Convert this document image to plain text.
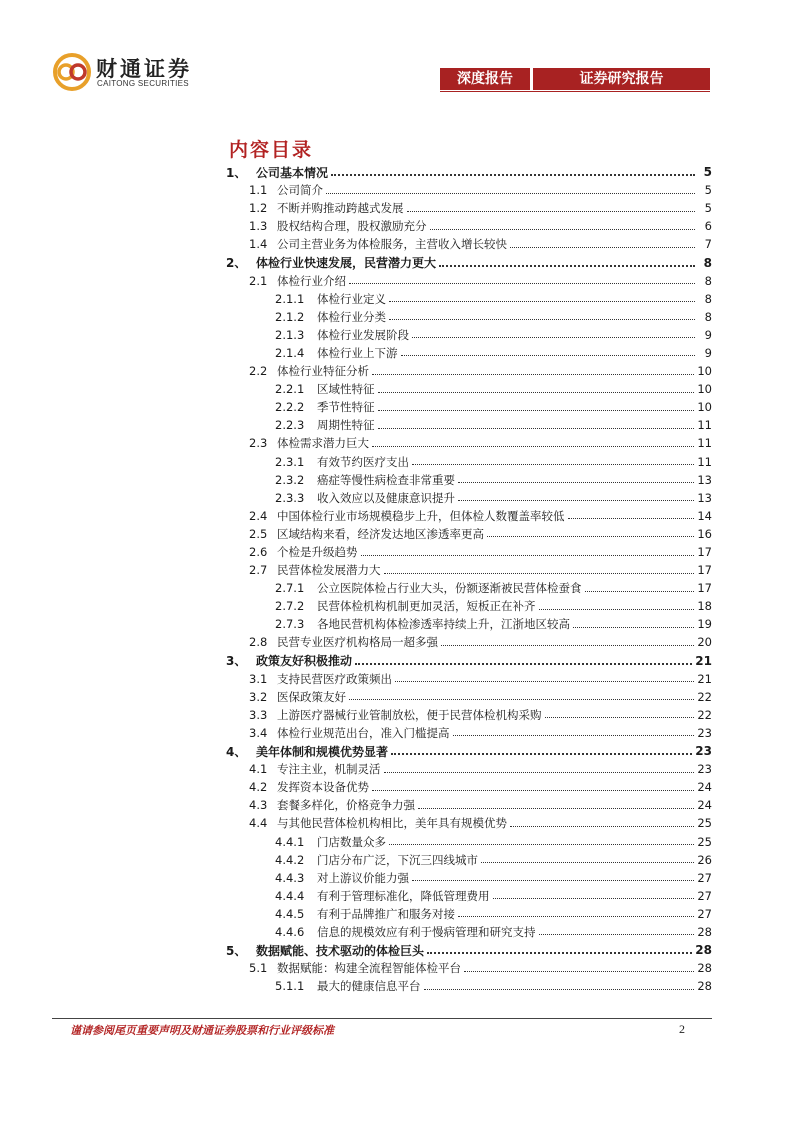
财通证券
CAITONG SECURITIES	深度报告	证券研究报告
内容目录
1、 公司基本情况	5
1.1 公司简介	5
1.2 不断并购推动跨越式发展	5
1.3 股权结构合理，股权激励充分	6
1.4 公司主营业务为体检服务，主营收入增长较快	7
2、 体检行业快速发展，民营潜力更大	8
2.1 体检行业介绍	8
2.1.1	体检行业定义	8
2.1.2	体检行业分类	8
2.1.3	体检行业发展阶段	9
2.1.4	体检行业上下游	9
2.2 体检行业特征分析	10
2.2.1	区域性特征	10
2.2.2	季节性特征	10
2.2.3	周期性特征	11
2.3 体检需求潜力巨大	11
2.3.1	有效节约医疗支出	11
2.3.2	癌症等慢性病检查非常重要	13
2.3.3	收入效应以及健康意识提升	13
2.4 中国体检行业市场规模稳步上升，但体检人数覆盖率较低	14
2.5 区域结构来看，经济发达地区渗透率更高	16
2.6 个检是升级趋势	17
2.7 民营体检发展潜力大	17
2.7.1	公立医院体检占行业大头，份额逐渐被民营体检蚕食	17
2.7.2	民营体检机构机制更加灵活，短板正在补齐	18
2.7.3	各地民营机构体检渗透率持续上升，江浙地区较高	19
2.8 民营专业医疗机构格局一超多强	20
3、 政策友好积极推动	21
3.1 支持民营医疗政策频出	21
3.2 医保政策友好	22
3.3 上游医疗器械行业管制放松，便于民营体检机构采购	22
3.4 体检行业规范出台，准入门槛提高	23
4、 美年体制和规模优势显著	23
4.1 专注主业，机制灵活	23
4.2 发挥资本设备优势	24
4.3 套餐多样化，价格竞争力强	24
4.4 与其他民营体检机构相比，美年具有规模优势	25
4.4.1	门店数量众多	25
4.4.2	门店分布广泛，下沉三四线城市	26
4.4.3	对上游议价能力强	27
4.4.4	有利于管理标准化，降低管理费用	27
4.4.5	有利于品牌推广和服务对接	27
4.4.6	信息的规模效应有利于慢病管理和研究支持	28
5、 数据赋能、技术驱动的体检巨头	28
5.1 数据赋能：构建全流程智能体检平台	28
5.1.1	最大的健康信息平台	28
谨请参阅尾页重要声明及财通证券股票和行业评级标准	2
